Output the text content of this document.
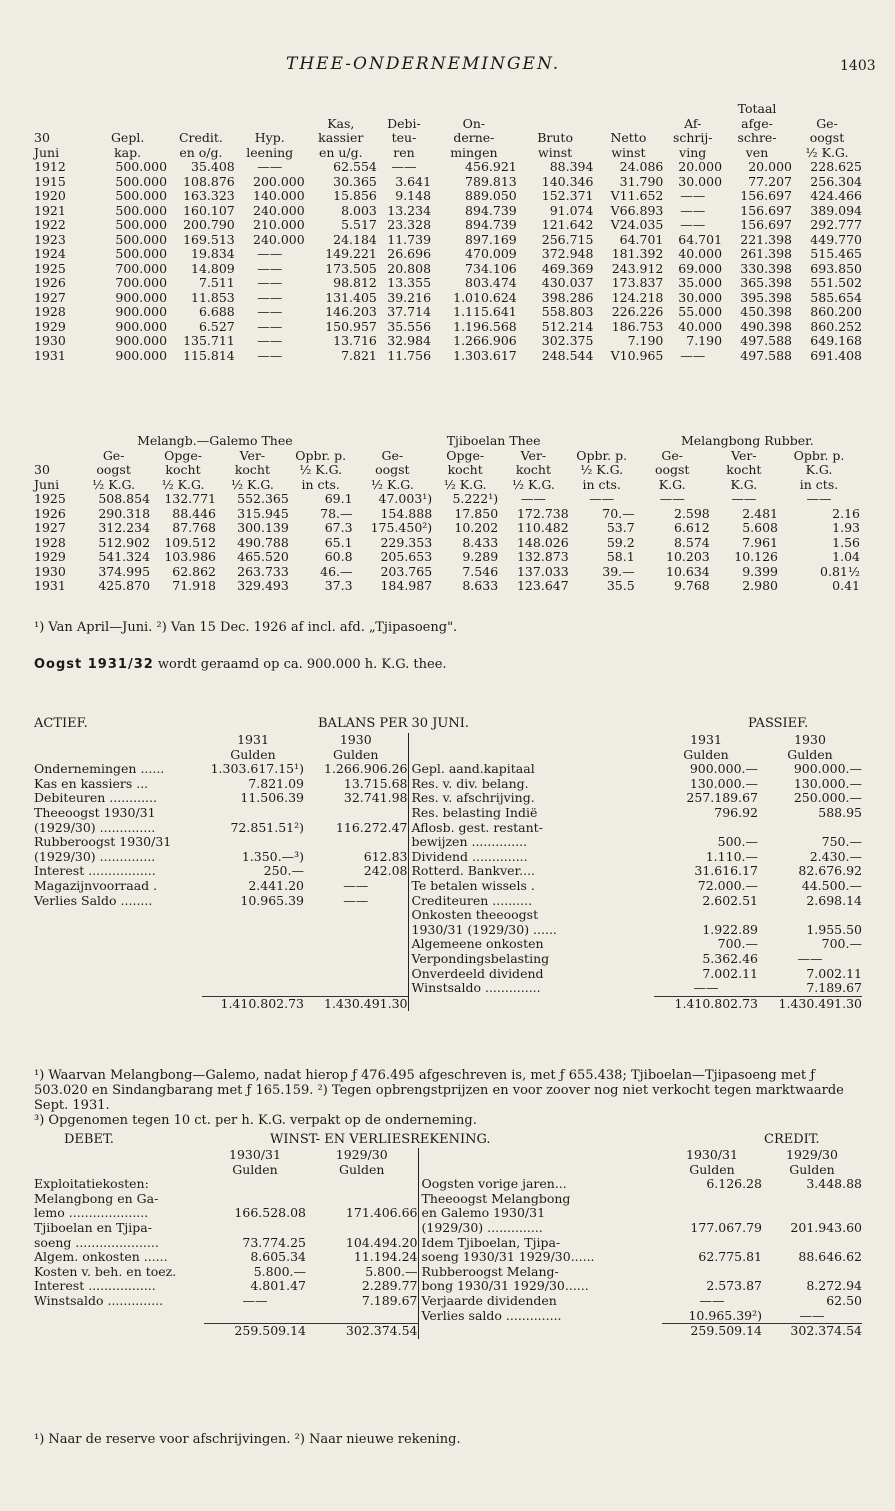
THEE-ONDERNEMINGEN.	1403
										Totaal	
				Kas,	Debi-	On-			Af-	afge-	Ge-
30	Gepl.	Credit.	Hyp.	kassier	teu-	derne-	Bruto	Netto	schrij-	schre-	oogst
Juni	kap.	en o/g.	leening	en u/g.	ren	mingen	winst	winst	ving	ven	½ K.G.
1912	500.000	35.408	——	62.554	——	456.921	88.394	24.086	20.000	20.000	228.625
1915	500.000	108.876	200.000	30.365	3.641	789.813	140.346	31.790	30.000	77.207	256.304
1920	500.000	163.323	140.000	15.856	9.148	889.050	152.371	V11.652	——	156.697	424.466
1921	500.000	160.107	240.000	8.003	13.234	894.739	91.074	V66.893	——	156.697	389.094
1922	500.000	200.790	210.000	5.517	23.328	894.739	121.642	V24.035	——	156.697	292.777
1923	500.000	169.513	240.000	24.184	11.739	897.169	256.715	64.701	64.701	221.398	449.770
1924	500.000	19.834	——	149.221	26.696	470.009	372.948	181.392	40.000	261.398	515.465
1925	700.000	14.809	——	173.505	20.808	734.106	469.369	243.912	69.000	330.398	693.850
1926	700.000	7.511	——	98.812	13.355	803.474	430.037	173.837	35.000	365.398	551.502
1927	900.000	11.853	——	131.405	39.216	1.010.624	398.286	124.218	30.000	395.398	585.654
1928	900.000	6.688	——	146.203	37.714	1.115.641	558.803	226.226	55.000	450.398	860.200
1929	900.000	6.527	——	150.957	35.556	1.196.568	512.214	186.753	40.000	490.398	860.252
1930	900.000	135.711	——	13.716	32.984	1.266.906	302.375	7.190	7.190	497.588	649.168
1931	900.000	115.814	——	7.821	11.756	1.303.617	248.544	V10.965	——	497.588	691.408
	Melangb.—Galemo Thee				Tjiboelan Thee				Melangbong Rubber.		
	Ge-	Opge-	Ver-	Opbr. p.	Ge-	Opge-	Ver-	Opbr. p.	Ge-	Ver-	Opbr. p.
30	oogst	kocht	kocht	½ K.G.	oogst	kocht	kocht	½ K.G.	oogst	kocht	K.G.
Juni	½ K.G.	½ K.G.	½ K.G.	in cts.	½ K.G.	½ K.G.	½ K.G.	in cts.	K.G.	K.G.	in cts.
1925	508.854	132.771	552.365	69.1	47.003¹)	5.222¹)	——	——	——	——	——
1926	290.318	88.446	315.945	78.—	154.888	17.850	172.738	70.—	2.598	2.481	2.16
1927	312.234	87.768	300.139	67.3	175.450²)	10.202	110.482	53.7	6.612	5.608	1.93
1928	512.902	109.512	490.788	65.1	229.353	8.433	148.026	59.2	8.574	7.961	1.56
1929	541.324	103.986	465.520	60.8	205.653	9.289	132.873	58.1	10.203	10.126	1.04
1930	374.995	62.862	263.733	46.—	203.765	7.546	137.033	39.—	10.634	9.399	0.81½
1931	425.870	71.918	329.493	37.3	184.987	8.633	123.647	35.5	9.768	2.980	0.41
¹) Van April—Juni. ²) Van 15 Dec. 1926 af incl. afd. „Tjipasoeng".
Oogst 1931/32 wordt geraamd op ca. 900.000 h. K.G. thee.
ACTIEF.	BALANS PER 30 JUNI.	PASSIEF.
	1931	1930		1931	1930
	Gulden	Gulden		Gulden	Gulden
Ondernemingen ......	1.303.617.15¹)	1.266.906.26	Gepl. aand.kapitaal	900.000.—	900.000.—
Kas en kassiers ...	7.821.09	13.715.68	Res. v. div. belang.	130.000.—	130.000.—
Debiteuren ............	11.506.39	32.741.98	Res. v. afschrijving.	257.189.67	250.000.—
Theeoogst 1930/31			Res. belasting Indië	796.92	588.95
(1929/30) ..............	72.851.51²)	116.272.47	Aflosb. gest. restant-		
Rubberoogst 1930/31			bewijzen ..............	500.—	750.—
(1929/30) ..............	1.350.—³)	612.83	Dividend ..............	1.110.—	2.430.—
Interest .................	250.—	242.08	Rotterd. Bankver....	31.616.17	82.676.92
Magazijnvoorraad .	2.441.20	——	Te betalen wissels .	72.000.—	44.500.—
Verlies Saldo ........	10.965.39	——	Crediteuren ..........	2.602.51	2.698.14
			Onkosten theeoogst		
			1930/31 (1929/30) ......	1.922.89	1.955.50
			Algemeene onkosten	700.—	700.—
			Verpondingsbelasting	5.362.46	——
			Onverdeeld dividend	7.002.11	7.002.11
			Winstsaldo ..............	——	7.189.67

	1.410.802.73	1.430.491.30		1.410.802.73	1.430.491.30
¹) Waarvan Melangbong—Galemo, nadat hierop ƒ 476.495 afgeschreven is, met ƒ 655.438; Tjiboelan—Tjipasoeng met ƒ 503.020 en Sindangbarang met ƒ 165.159. ²) Tegen opbrengstprijzen en voor zoover nog niet verkocht tegen marktwaarde Sept. 1931.
³) Opgenomen tegen 10 ct. per h. K.G. verpakt op de onderneming.
DEBET.	WINST- EN VERLIESREKENING.	CREDIT.
	1930/31	1929/30		1930/31	1929/30
	Gulden	Gulden		Gulden	Gulden
Exploitatiekosten:			Oogsten vorige jaren...	6.126.28	3.448.88
Melangbong en Ga-			Theeoogst Melangbong		
lemo ....................	166.528.08	171.406.66	en Galemo 1930/31		
Tjiboelan en Tjipa-			(1929/30) ..............	177.067.79	201.943.60
soeng .....................	73.774.25	104.494.20	Idem Tjiboelan, Tjipa-		
Algem. onkosten ......	8.605.34	11.194.24	soeng 1930/31 1929/30......	62.775.81	88.646.62
Kosten v. beh. en toez.	5.800.—	5.800.—	Rubberoogst Melang-		
Interest .................	4.801.47	2.289.77	bong 1930/31 1929/30......	2.573.87	8.272.94
Winstsaldo ..............	——	7.189.67	Verjaarde dividenden	——	62.50
			Verlies saldo ..............	10.965.39²)	——

	259.509.14	302.374.54		259.509.14	302.374.54
¹) Naar de reserve voor afschrijvingen. ²) Naar nieuwe rekening.
